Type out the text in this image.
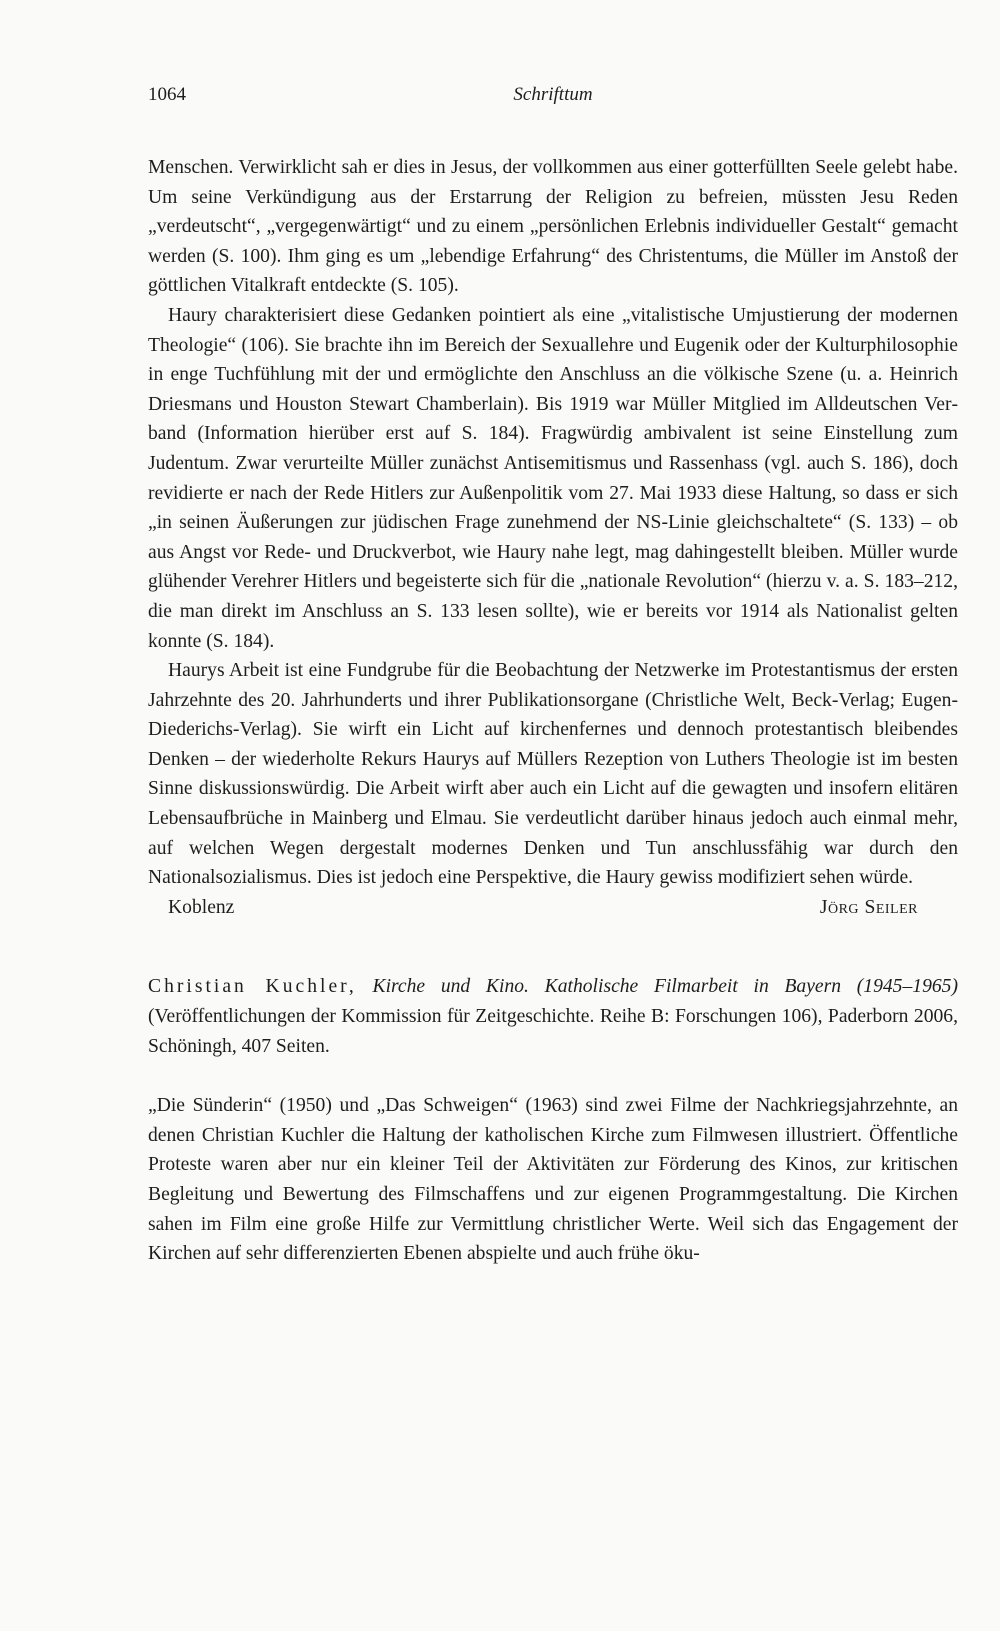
1064	Schrifttum

Menschen. Verwirklicht sah er dies in Jesus, der vollkommen aus einer gotterfüllten Seele gelebt habe. Um seine Verkündigung aus der Erstarrung der Religion zu befreien, müssten Jesu Reden „verdeutscht“, „vergegenwärtigt“ und zu einem „persönlichen Erlebnis individueller Gestalt“ gemacht werden (S. 100). Ihm ging es um „lebendige Erfahrung“ des Christentums, die Müller im Anstoß der göttlichen Vitalkraft entdeckte (S. 105).

Haury charakterisiert diese Gedanken pointiert als eine „vitalistische Umjustierung der modernen Theologie“ (106). Sie brachte ihn im Bereich der Sexuallehre und Eugenik oder der Kulturphilosophie in enge Tuchfühlung mit der und ermöglichte den Anschluss an die völkische Szene (u. a. Heinrich Driesmans und Houston Stewart Chamberlain). Bis 1919 war Müller Mitglied im Alldeutschen Verband (Information hierüber erst auf S. 184). Fragwürdig ambivalent ist seine Einstellung zum Judentum. Zwar verurteilte Müller zunächst Antisemitismus und Rassenhass (vgl. auch S. 186), doch revidierte er nach der Rede Hitlers zur Außenpolitik vom 27. Mai 1933 diese Haltung, so dass er sich „in seinen Äußerungen zur jüdischen Frage zunehmend der NS-Linie gleichschaltete“ (S. 133) – ob aus Angst vor Rede- und Druckverbot, wie Haury nahe legt, mag dahingestellt bleiben. Müller wurde glühender Verehrer Hitlers und begeisterte sich für die „nationale Revolution“ (hierzu v. a. S. 183–212, die man direkt im Anschluss an S. 133 lesen sollte), wie er bereits vor 1914 als Nationalist gelten konnte (S. 184).

Haurys Arbeit ist eine Fundgrube für die Beobachtung der Netzwerke im Protestantismus der ersten Jahrzehnte des 20. Jahrhunderts und ihrer Publikationsorgane (Christliche Welt, Beck-Verlag; Eugen-Diederichs-Verlag). Sie wirft ein Licht auf kirchenfernes und dennoch protestantisch bleibendes Denken – der wiederholte Rekurs Haurys auf Müllers Rezeption von Luthers Theologie ist im besten Sinne diskussionswürdig. Die Arbeit wirft aber auch ein Licht auf die gewagten und insofern elitären Lebensaufbrüche in Mainberg und Elmau. Sie verdeutlicht darüber hinaus jedoch auch einmal mehr, auf welchen Wegen dergestalt modernes Denken und Tun anschlussfähig war durch den Nationalsozialismus. Dies ist jedoch eine Perspektive, die Haury gewiss modifiziert sehen würde.

Koblenz	Jörg Seiler

Christian Kuchler, Kirche und Kino. Katholische Filmarbeit in Bayern (1945–1965) (Veröffentlichungen der Kommission für Zeitgeschichte. Reihe B: Forschungen 106), Paderborn 2006, Schöningh, 407 Seiten.

„Die Sünderin“ (1950) und „Das Schweigen“ (1963) sind zwei Filme der Nachkriegsjahrzehnte, an denen Christian Kuchler die Haltung der katholischen Kirche zum Filmwesen illustriert. Öffentliche Proteste waren aber nur ein kleiner Teil der Aktivitäten zur Förderung des Kinos, zur kritischen Begleitung und Bewertung des Filmschaffens und zur eigenen Programmgestaltung. Die Kirchen sahen im Film eine große Hilfe zur Vermittlung christlicher Werte. Weil sich das Engagement der Kirchen auf sehr differenzierten Ebenen abspielte und auch frühe öku-
